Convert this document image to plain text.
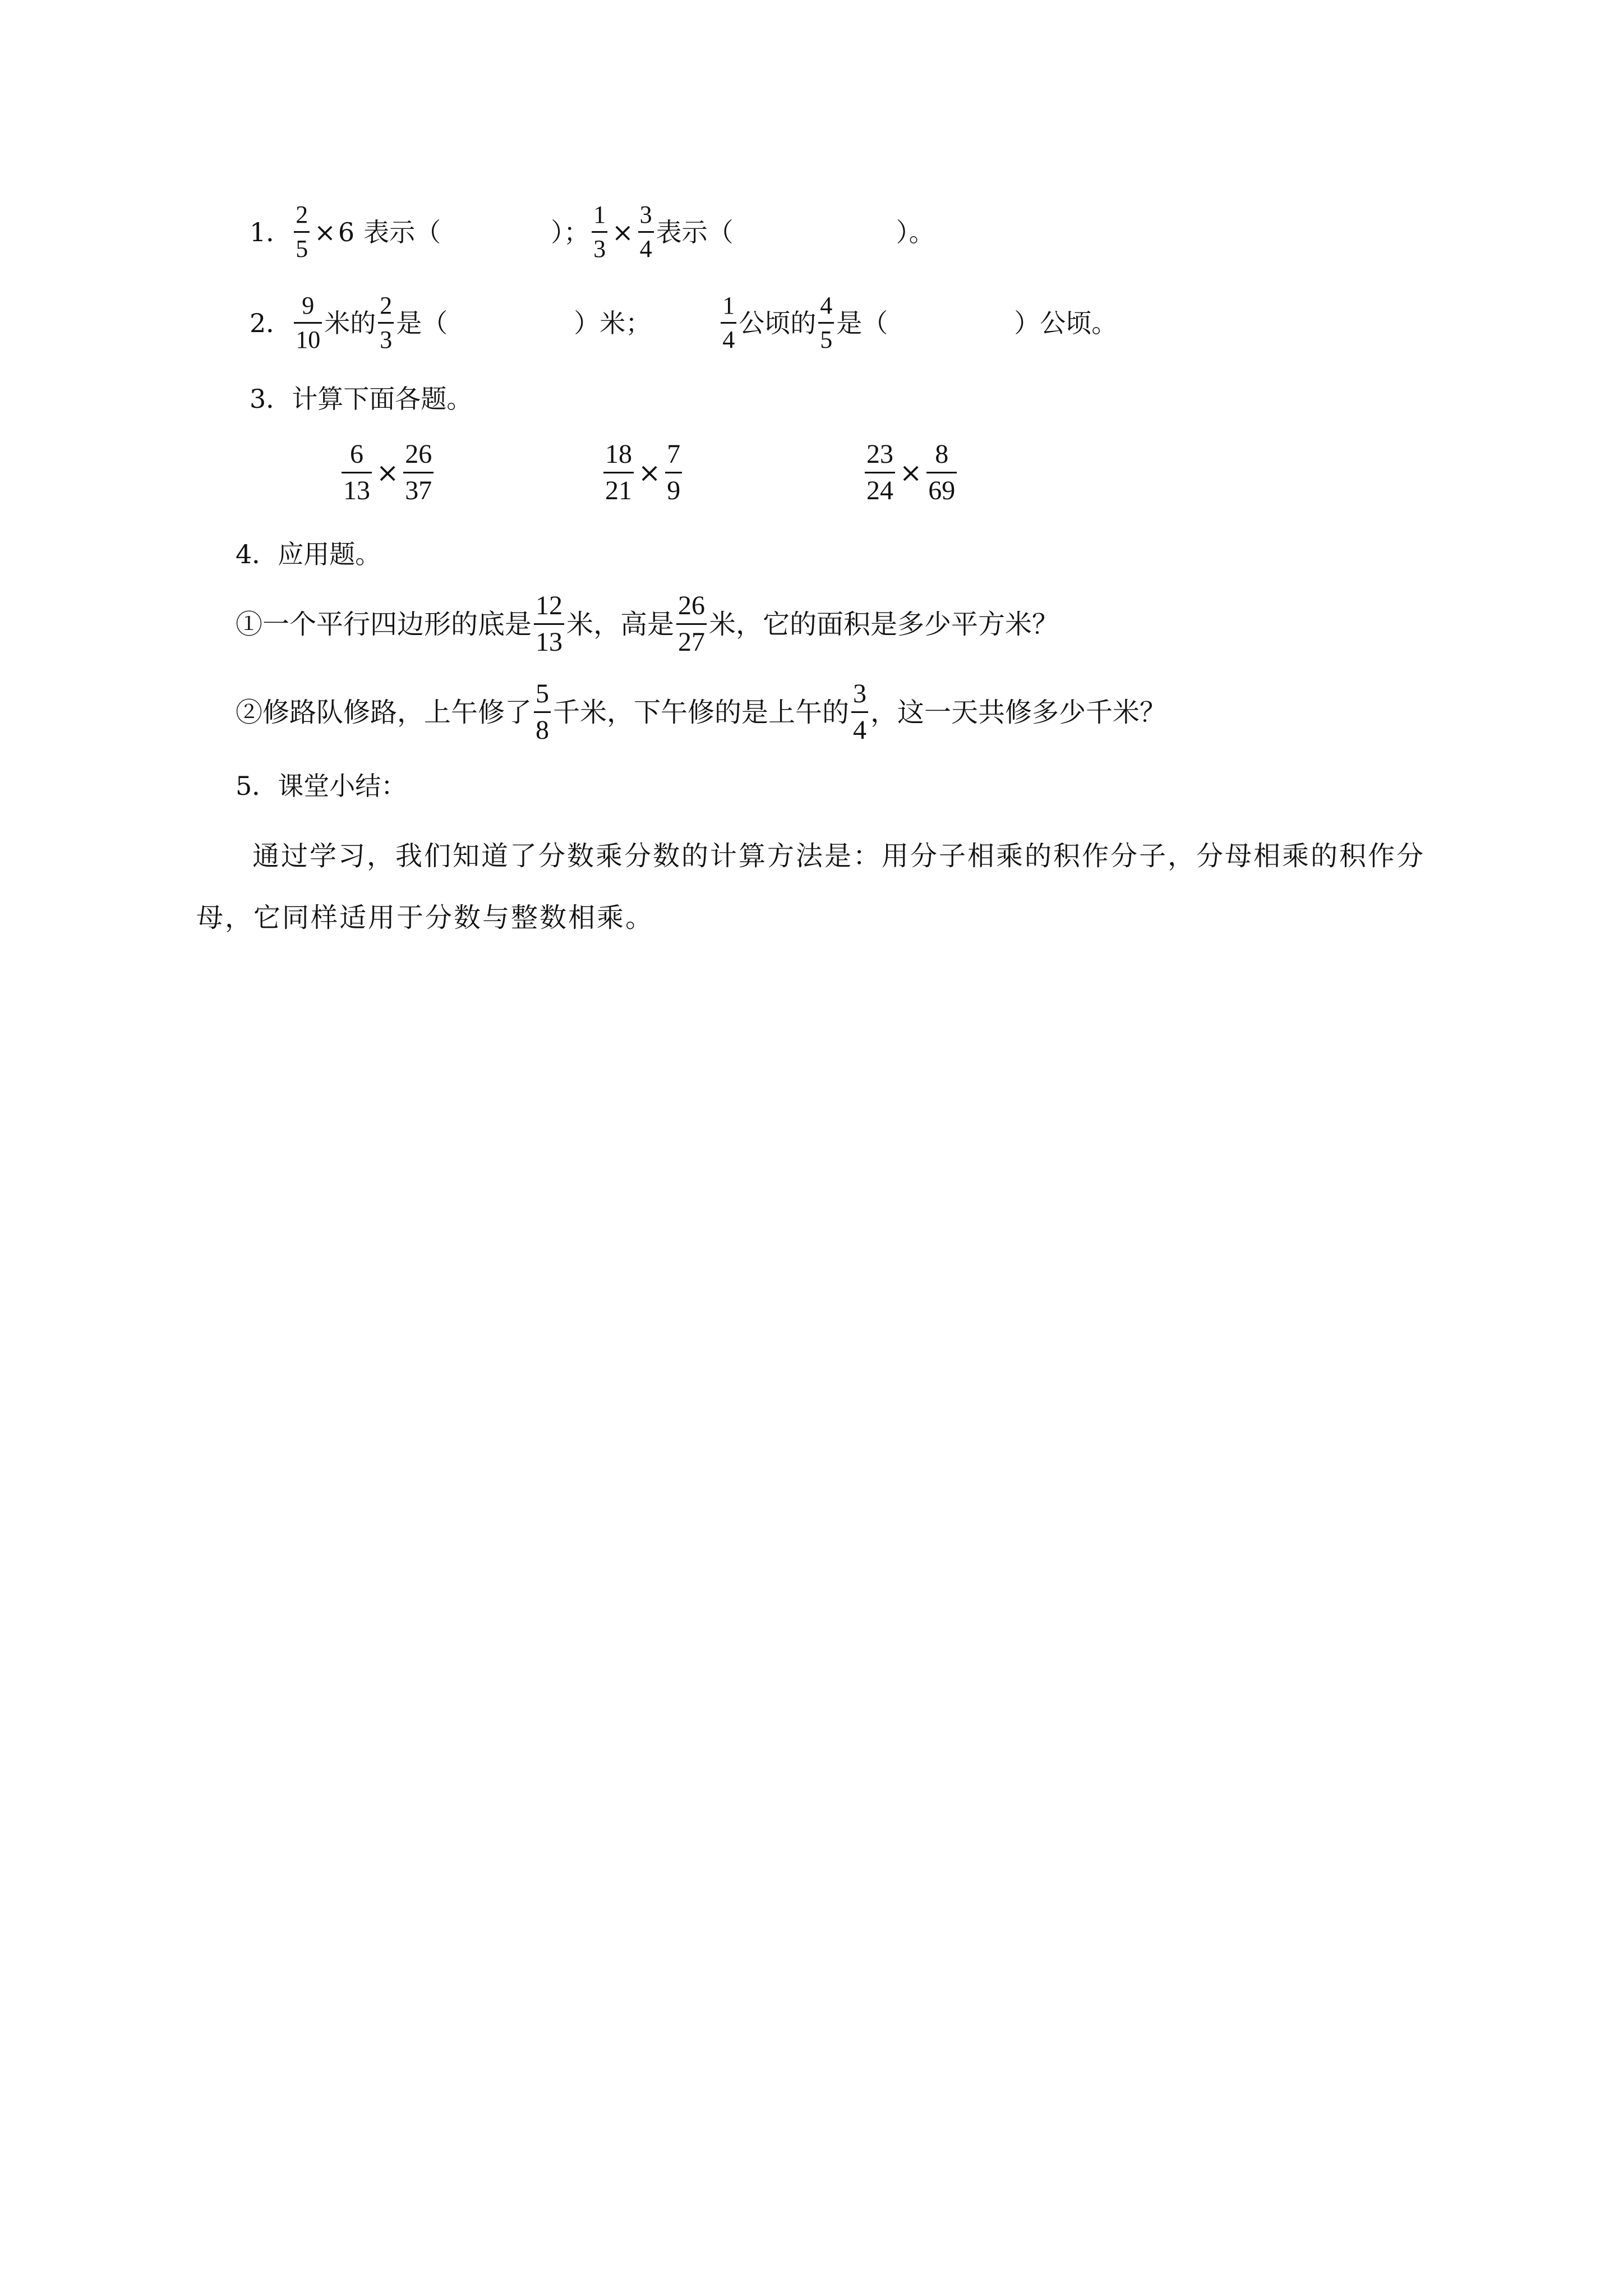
1． $\frac{2}{5} \times 6$ 表示（	）； $\frac{1}{3} \times \frac{3}{4}$ 表示（	）。
2． $\frac{9}{10}$ 米的 $\frac{2}{3}$ 是（	）米；	$\frac{1}{4}$ 公顷的 $\frac{4}{5}$ 是（	）公顷。
3．计算下面各题。
$\frac{6}{13} \times \frac{26}{37}$	$\frac{18}{21} \times \frac{7}{9}$	$\frac{23}{24} \times \frac{8}{69}$
4．应用题。
①一个平行四边形的底是 $\frac{12}{13}$ 米，高是 $\frac{26}{27}$ 米，它的面积是多少平方米？
②修路队修路，上午修了 $\frac{5}{8}$ 千米，下午修的是上午的 $\frac{3}{4}$ ，这一天共修多少千米？
5．课堂小结：
通过学习，我们知道了分数乘分数的计算方法是：用分子相乘的积作分子，分母相乘的积作分
母，它同样适用于分数与整数相乘。
